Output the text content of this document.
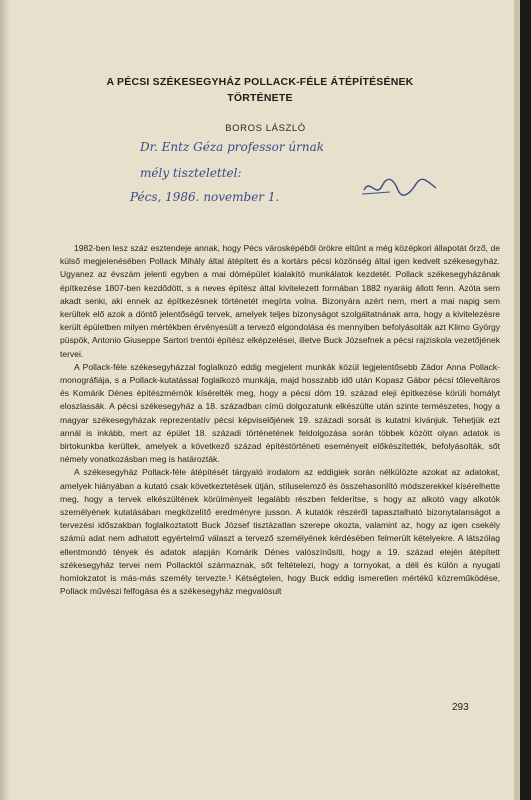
A PÉCSI SZÉKESEGYHÁZ POLLACK-FÉLE ÁTÉPÍTÉSÉNEK
TÖRTÉNETE
BOROS LÁSZLÓ
Dr. Entz Géza professor úrnak
mély tisztelettel:
Pécs, 1986. november 1.

1982-ben lesz száz esztendeje annak, hogy Pécs városképéből örökre eltűnt a még középkori állapotát őrző, de külső megjelenésében Pollack Mihály által átépített és a kortárs pécsi közönség által igen kedvelt székesegyház. Ugyanez az évszám jelenti egyben a mai dómépület kialakító munkálatok kezdetét. Pollack székesegyházának építkezése 1807-ben kezdődött, s a neves építész által kivitelezett formában 1882 nyaráig állott fenn. Azóta sem akadt senki, aki ennek az építkezésnek történetét megírta volna. Bizonyára azért nem, mert a mai napig sem kerültek elő azok a döntő jelentőségű tervek, amelyek teljes bizonyságot szolgáltatnának arra, hogy a kivitelezésre került épületben milyen mértékben érvényesült a tervező elgondolása és mennyiben befolyásolták azt Klimo György püspök, Antonio Giuseppe Sartori trentói építész elképzelései, illetve Buck Józsefnek a pécsi rajziskola vezetőjének tervei.

A Pollack-féle székesegyházzal foglalkozó eddig megjelent munkák közül legjelentősebb Zádor Anna Pollack-monográfiája, s a Pollack-kutatással foglalkozó munkája, majd hosszabb idő után Kopasz Gábor pécsi tőleveltáros és Komárik Dénes építészmérnök kísérelték meg, hogy a pécsi dóm 19. század eleji építkezése körüli homályt eloszlassák. A pécsi székesegyház a 18. században címü dolgozatunk elkészülte után szinte természetes, hogy a magyar székesegyházak reprezentatív pécsi képviselőjének 19. századi sorsát is kutatni kívánjuk. Tehetjük ezt annál is inkább, mert az épület 18. századi történetének feldolgozása során többek között olyan adatok is birtokunkba kerültek, amelyek a következő század építéstörténeti eseményeit előkészítették, befolyásolták, sőt némely vonatkozásban meg is határozták.

A székesegyház Pollack-féle átépítését tárgyaló irodalom az eddigiek során nélkülözte azokat az adatokat, amelyek hiányában a kutató csak következtetések útján, stíluselemző és összehasonlító módszerekkel kísérelhette meg, hogy a tervek elkészültének körülményeit legalább részben felderítse, s hogy az alkotó vagy alkotók személyének kutatásában megközelítő eredményre jusson. A kutatók részéről tapasztalható bizonytalanságot a tervezési időszakban foglalkoztatott Buck József tisztázatlan szerepe okozta, valamint az, hogy az igen csekély számú adat nem adhatott egyértelmű választ a tervező személyének kérdésében felmerült kételyekre. A látszólag ellentmondó tények és adatok alapján Komárik Dénes valószínűsíti, hogy a 19. század elején átépített székesegyház tervei nem Pollacktól származnak, sőt feltételezi, hogy a tornyokat, a déli és külön a nyugati homlokzatot is más-más személy tervezte.¹ Kétségtelen, hogy Buck eddig ismeretlen mértékű közreműködése, Pollack művészi felfogása és a székesegyház megvalósult

293
